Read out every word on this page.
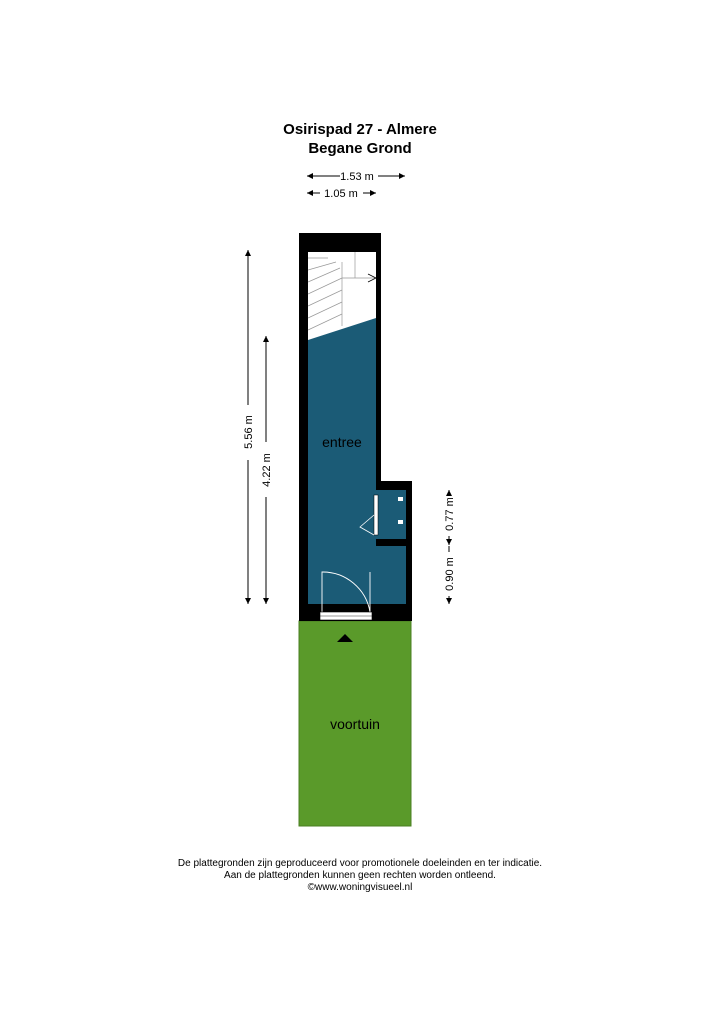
Osirispad 27 - Almere
Begane Grond
1.53 m
1.05 m
5.56 m
4.22 m
0.77 m
0.90 m
voortuin
entree
De plattegronden zijn geproduceerd voor promotionele doeleinden en ter indicatie.
Aan de plattegronden kunnen geen rechten worden ontleend.
©www.woningvisueel.nl
